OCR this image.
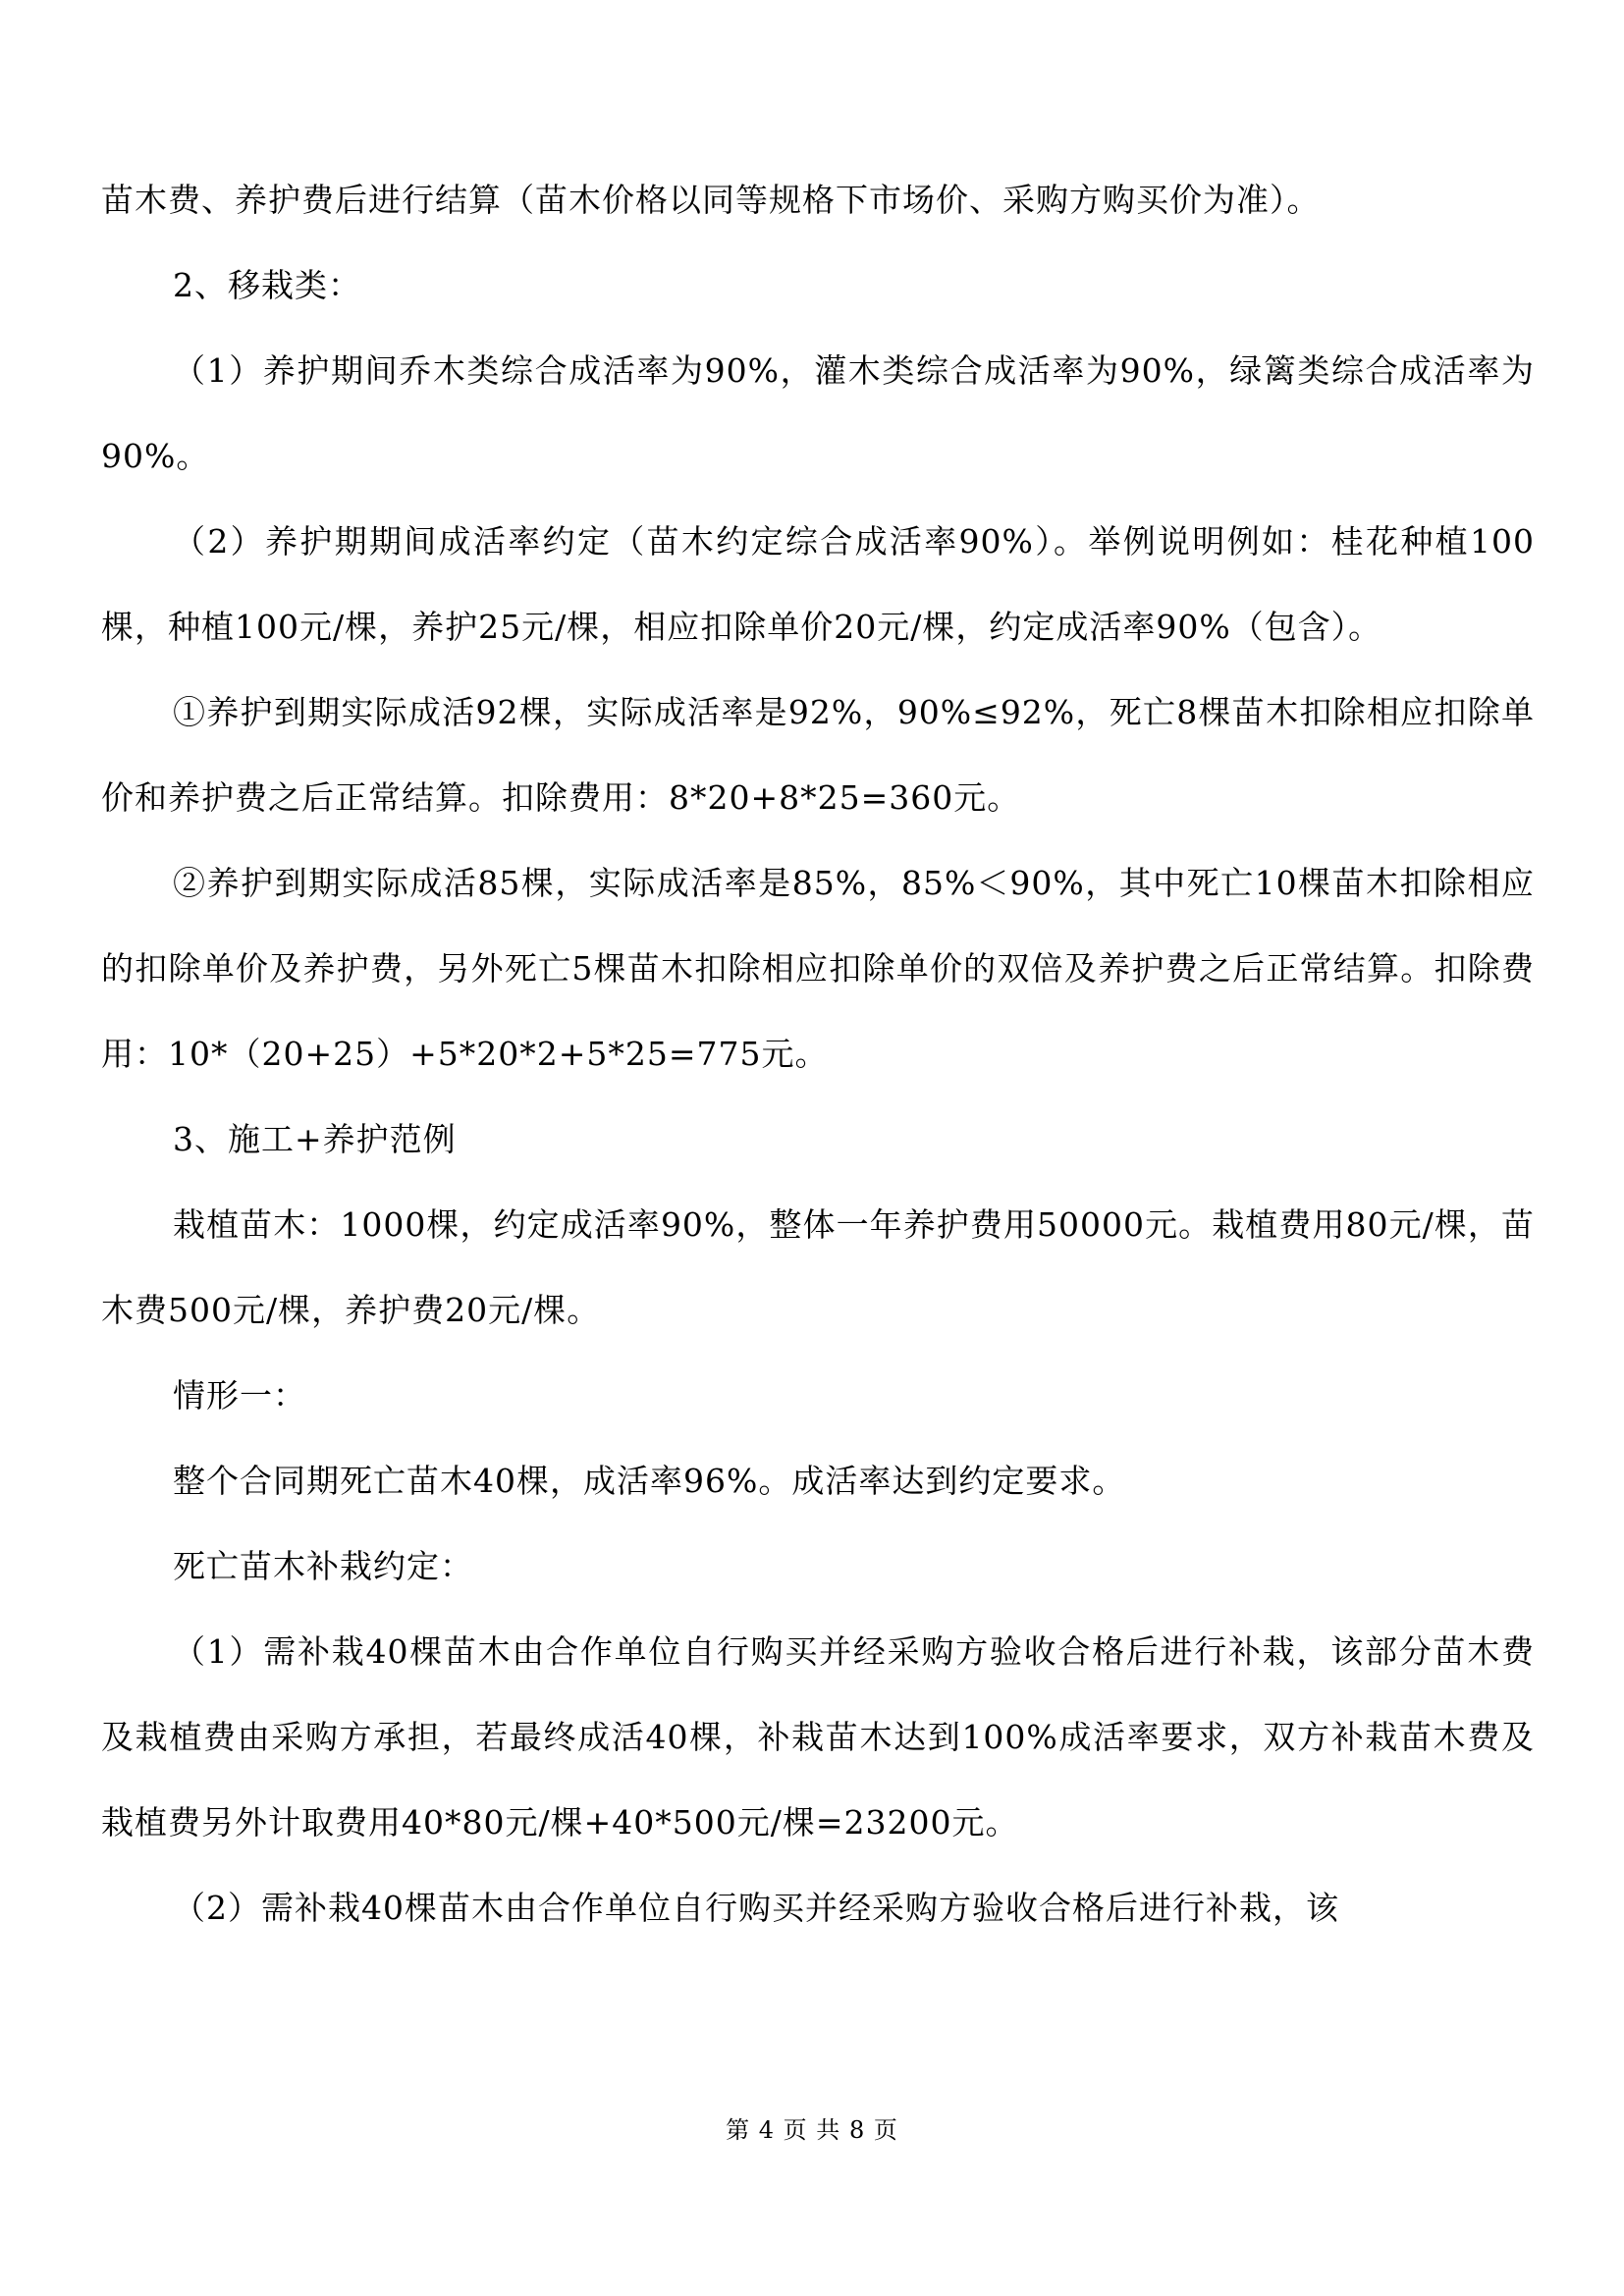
苗木费、养护费后进行结算（苗木价格以同等规格下市场价、采购方购买价为准）。

2、移栽类：

（1）养护期间乔木类综合成活率为90%，灌木类综合成活率为90%，绿篱类综合成活率为90%。

（2）养护期期间成活率约定（苗木约定综合成活率90%）。举例说明例如：桂花种植100棵，种植100元/棵，养护25元/棵，相应扣除单价20元/棵，约定成活率90%（包含）。

①养护到期实际成活92棵，实际成活率是92%，90%≤92%，死亡8棵苗木扣除相应扣除单价和养护费之后正常结算。扣除费用：8*20+8*25=360元。

②养护到期实际成活85棵，实际成活率是85%，85%＜90%，其中死亡10棵苗木扣除相应的扣除单价及养护费，另外死亡5棵苗木扣除相应扣除单价的双倍及养护费之后正常结算。扣除费用：10*（20+25）+5*20*2+5*25=775元。

3、施工+养护范例

栽植苗木：1000棵，约定成活率90%，整体一年养护费用50000元。栽植费用80元/棵，苗木费500元/棵，养护费20元/棵。

情形一：

整个合同期死亡苗木40棵，成活率96%。成活率达到约定要求。

死亡苗木补栽约定：

（1）需补栽40棵苗木由合作单位自行购买并经采购方验收合格后进行补栽，该部分苗木费及栽植费由采购方承担，若最终成活40棵，补栽苗木达到100%成活率要求，双方补栽苗木费及栽植费另外计取费用40*80元/棵+40*500元/棵=23200元。

（2）需补栽40棵苗木由合作单位自行购买并经采购方验收合格后进行补栽，该

第 4 页 共 8 页
